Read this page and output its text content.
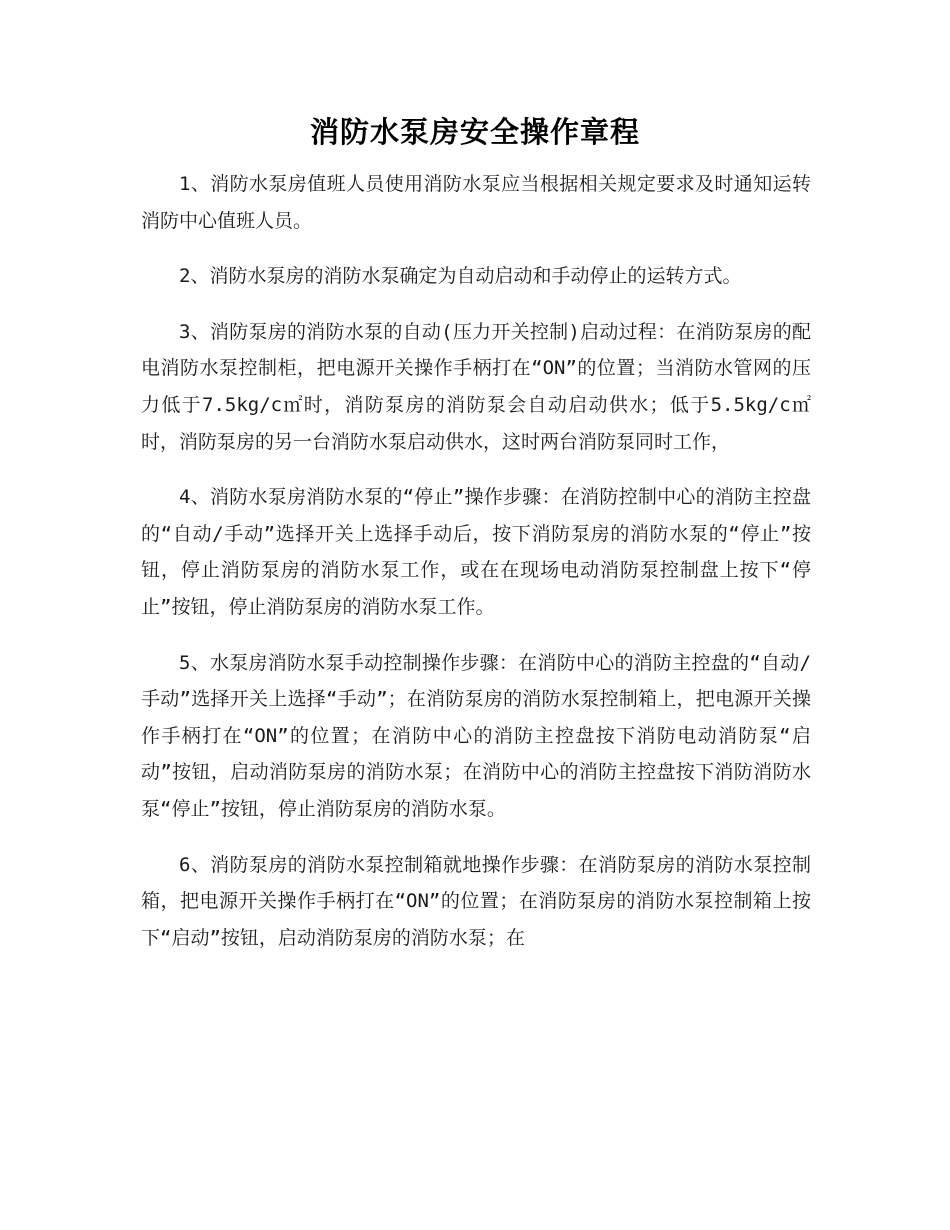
消防水泵房安全操作章程

1、消防水泵房值班人员使用消防水泵应当根据相关规定要求及时通知运转消防中心值班人员。

2、消防水泵房的消防水泵确定为自动启动和手动停止的运转方式。

3、消防泵房的消防水泵的自动(压力开关控制)启动过程：在消防泵房的配电消防水泵控制柜，把电源开关操作手柄打在“ON”的位置；当消防水管网的压力低于7.5kg/c㎡时，消防泵房的消防泵会自动启动供水；低于5.5kg/c㎡时，消防泵房的另一台消防水泵启动供水，这时两台消防泵同时工作，

4、消防水泵房消防水泵的“停止”操作步骤：在消防控制中心的消防主控盘的“自动/手动”选择开关上选择手动后，按下消防泵房的消防水泵的“停止”按钮，停止消防泵房的消防水泵工作，或在在现场电动消防泵控制盘上按下“停止”按钮，停止消防泵房的消防水泵工作。

5、水泵房消防水泵手动控制操作步骤：在消防中心的消防主控盘的“自动/手动”选择开关上选择“手动”；在消防泵房的消防水泵控制箱上，把电源开关操作手柄打在“ON”的位置；在消防中心的消防主控盘按下消防电动消防泵“启动”按钮，启动消防泵房的消防水泵；在消防中心的消防主控盘按下消防消防水泵“停止”按钮，停止消防泵房的消防水泵。

6、消防泵房的消防水泵控制箱就地操作步骤：在消防泵房的消防水泵控制箱，把电源开关操作手柄打在“ON”的位置；在消防泵房的消防水泵控制箱上按下“启动”按钮，启动消防泵房的消防水泵；在
